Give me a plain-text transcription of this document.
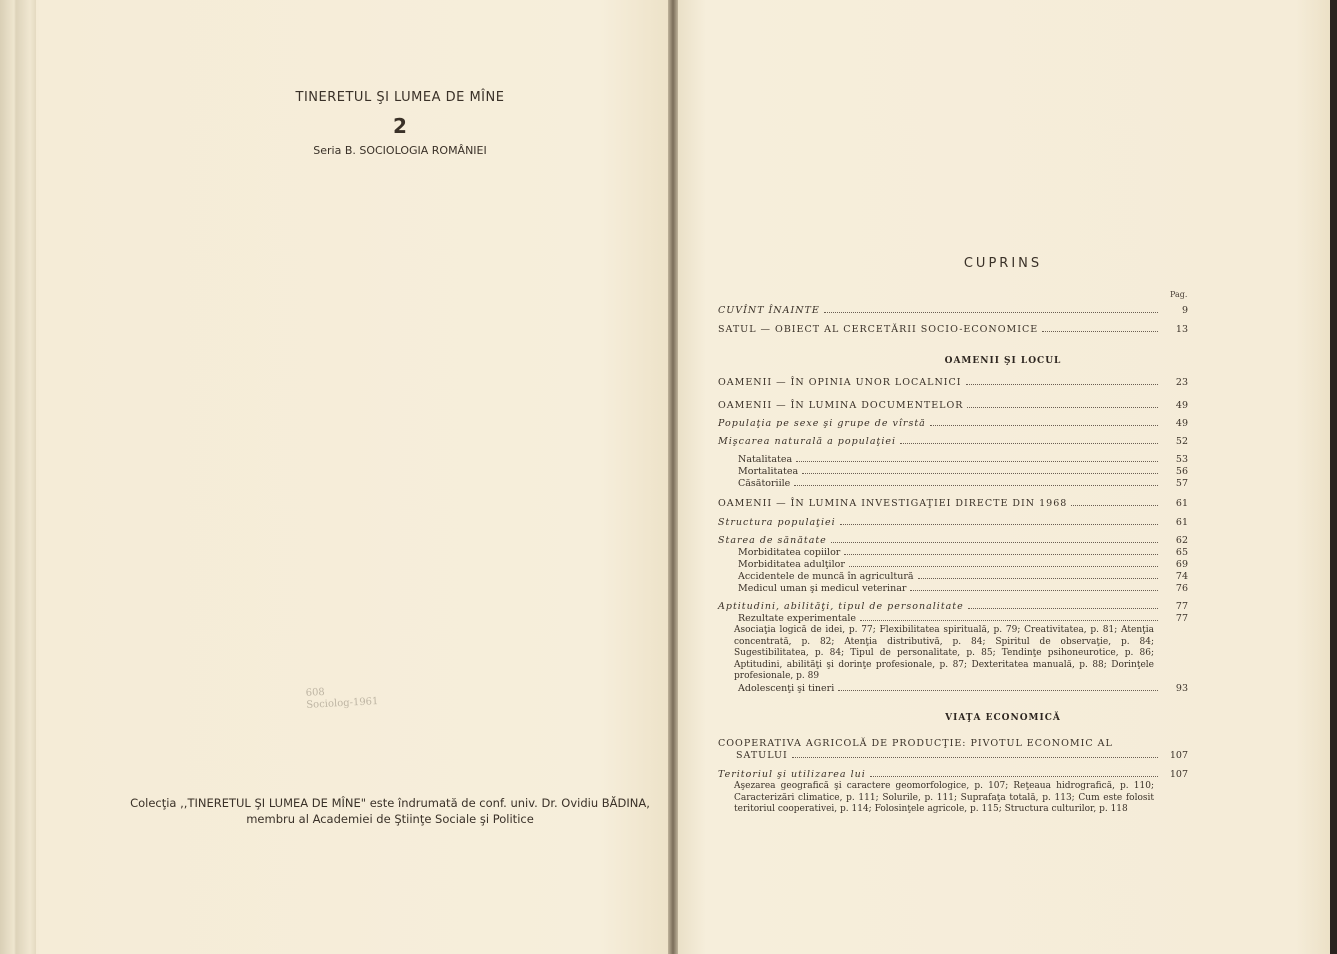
TINERETUL ŞI LUMEA DE MÎNE
2
Seria B. SOCIOLOGIA ROMÂNIEI
608
Sociolog-1961
Colecţia ,,TINERETUL ŞI LUMEA DE MÎNE" este îndrumată de conf. univ. Dr. Ovidiu BĂDINA,
membru al Academiei de Ştiinţe Sociale şi Politice
CUPRINS
Pag.
CUVÎNT ÎNAINTE	9
SATUL — OBIECT AL CERCETĂRII SOCIO-ECONOMICE	13
OAMENII ŞI LOCUL
OAMENII — ÎN OPINIA UNOR LOCALNICI	23
OAMENII — ÎN LUMINA DOCUMENTELOR	49
Populaţia pe sexe şi grupe de vîrstă	49
Mişcarea naturală a populaţiei	52
Natalitatea	53
Mortalitatea	56
Căsătoriile	57
OAMENII — ÎN LUMINA INVESTIGAŢIEI DIRECTE DIN 1968	61
Structura populaţiei	61
Starea de sănătate	62
Morbiditatea copiilor	65
Morbiditatea adulţilor	69
Accidentele de muncă în agricultură	74
Medicul uman şi medicul veterinar	76
Aptitudini, abilităţi, tipul de personalitate	77
Rezultate experimentale	77
Asociaţia logică de idei, p. 77; Flexibilitatea spirituală, p. 79; Creativitatea, p. 81; Atenţia concentrată, p. 82; Atenţia distributivă, p. 84; Spiritul de observaţie, p. 84; Sugestibilitatea, p. 84; Tipul de personalitate, p. 85; Tendinţe psihoneurotice, p. 86; Aptitudini, abilităţi şi dorinţe profesionale, p. 87; Dexteritatea manuală, p. 88; Dorinţele profesionale, p. 89
Adolescenţi şi tineri	93
VIAŢA ECONOMICĂ
COOPERATIVA AGRICOLĂ DE PRODUCŢIE: PIVOTUL ECONOMIC AL
SATULUI	107
Teritoriul şi utilizarea lui	107
Aşezarea geografică şi caractere geomorfologice, p. 107; Reţeaua hidrografică, p. 110; Caracterizări climatice, p. 111; Solurile, p. 111; Suprafaţa totală, p. 113; Cum este folosit teritoriul cooperativei, p. 114; Folosinţele agricole, p. 115; Structura culturilor, p. 118
